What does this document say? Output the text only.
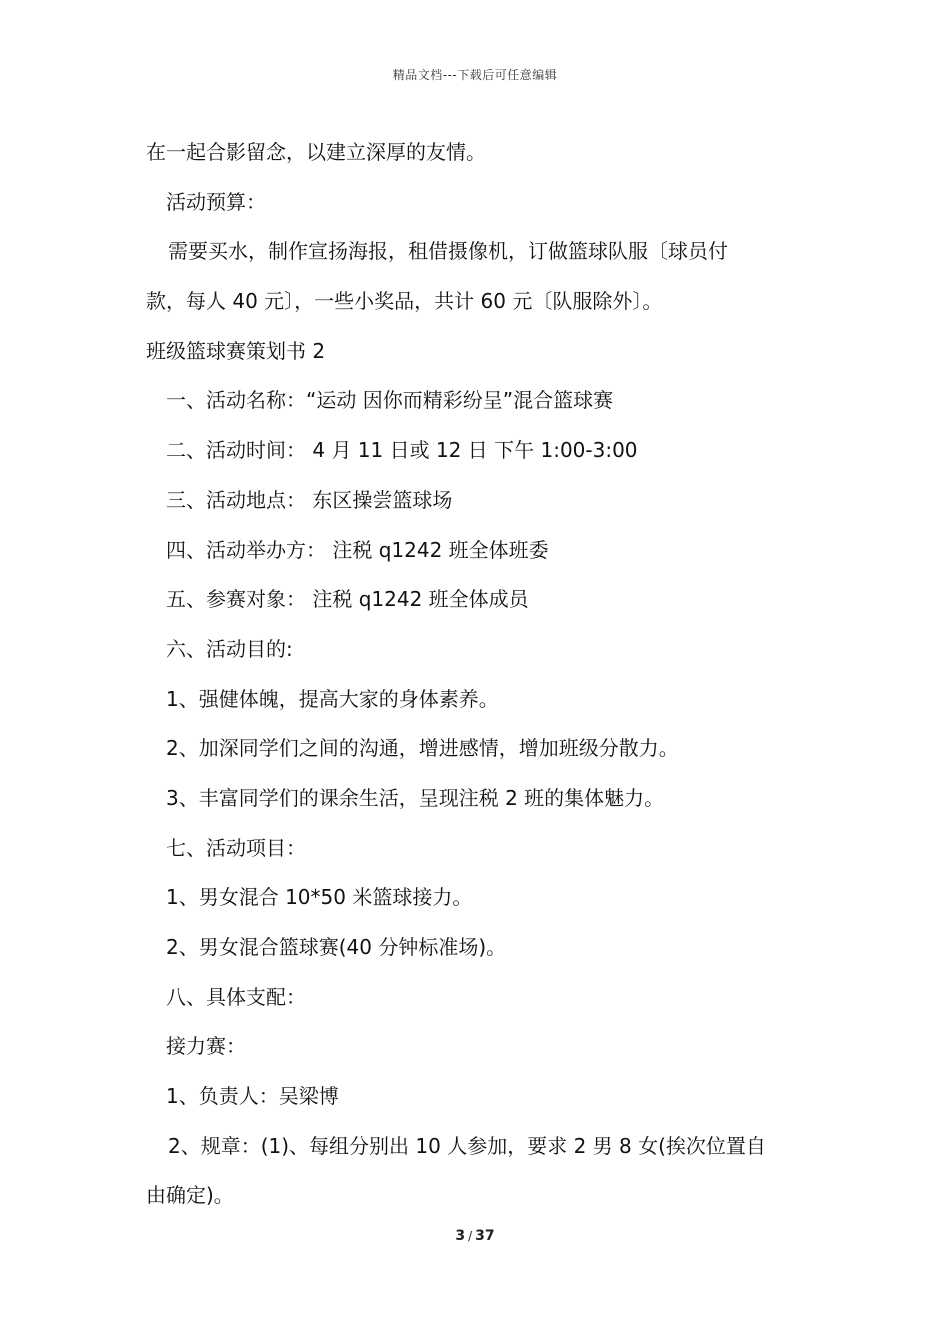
精品文档---下载后可任意编辑
在一起合影留念，以建立深厚的友情。
活动预算：
需要买水，制作宣扬海报，租借摄像机，订做篮球队服〔球员付
款，每人 40 元〕，一些小奖品，共计 60 元〔队服除外〕。
班级篮球赛策划书 2
一、活动名称：“运动 因你而精彩纷呈”混合篮球赛
二、活动时间： 4 月 11 日或 12 日 下午 1:00-3:00
三、活动地点： 东区操尝篮球场
四、活动举办方： 注税 q1242 班全体班委
五、参赛对象： 注税 q1242 班全体成员
六、活动目的:
1、强健体魄，提高大家的身体素养。
2、加深同学们之间的沟通，增进感情，增加班级分散力。
3、丰富同学们的课余生活，呈现注税 2 班的集体魅力。
七、活动项目：
1、男女混合 10*50 米篮球接力。
2、男女混合篮球赛(40 分钟标准场)。
八、具体支配：
接力赛：
1、负责人：吴梁博
2、规章：(1)、每组分别出 10 人参加，要求 2 男 8 女(挨次位置自
由确定)。
3 / 37
